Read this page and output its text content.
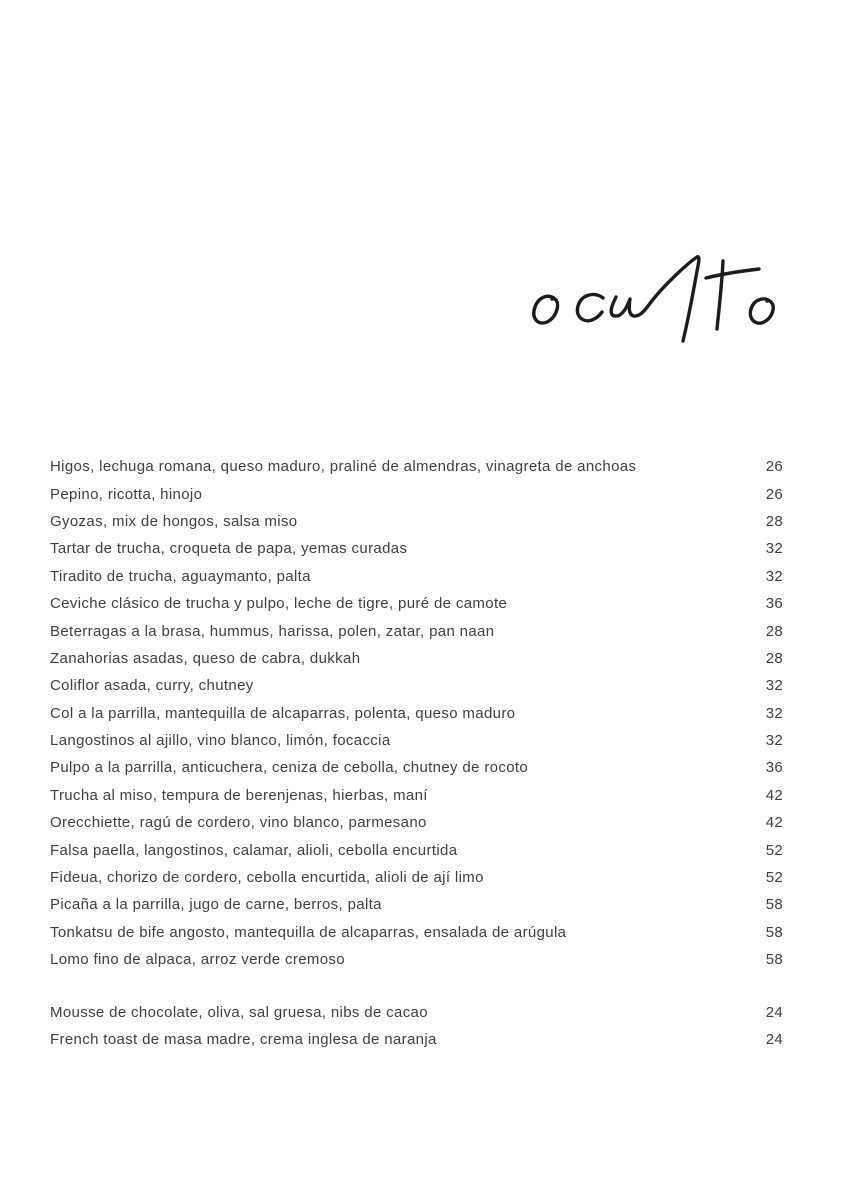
Higos, lechuga romana, queso maduro, praliné de almendras, vinagreta de anchoas	26
Pepino, ricotta, hinojo	26
Gyozas, mix de hongos, salsa miso	28
Tartar de trucha, croqueta de papa, yemas curadas	32
Tiradito de trucha, aguaymanto, palta	32
Ceviche clásico de trucha y pulpo, leche de tigre, puré de camote	36
Beterragas a la brasa, hummus, harissa, polen, zatar, pan naan	28
Zanahorias asadas, queso de cabra, dukkah	28
Coliflor asada, curry, chutney	32
Col a la parrilla, mantequilla de alcaparras, polenta, queso maduro	32
Langostinos al ajillo, vino blanco, limón, focaccia	32
Pulpo a la parrilla, anticuchera, ceniza de cebolla, chutney de rocoto	36
Trucha al miso, tempura de berenjenas, hierbas, maní	42
Orecchiette, ragú de cordero, vino blanco, parmesano	42
Falsa paella, langostinos, calamar, alioli, cebolla encurtida	52
Fideua, chorizo de cordero, cebolla encurtida, alioli de ají limo	52
Picaña a la parrilla, jugo de carne, berros, palta	58
Tonkatsu de bife angosto, mantequilla de alcaparras, ensalada de arúgula	58
Lomo fino de alpaca, arroz verde cremoso	58
Mousse de chocolate, oliva, sal gruesa, nibs de cacao	24
French toast de masa madre, crema inglesa de naranja	24
